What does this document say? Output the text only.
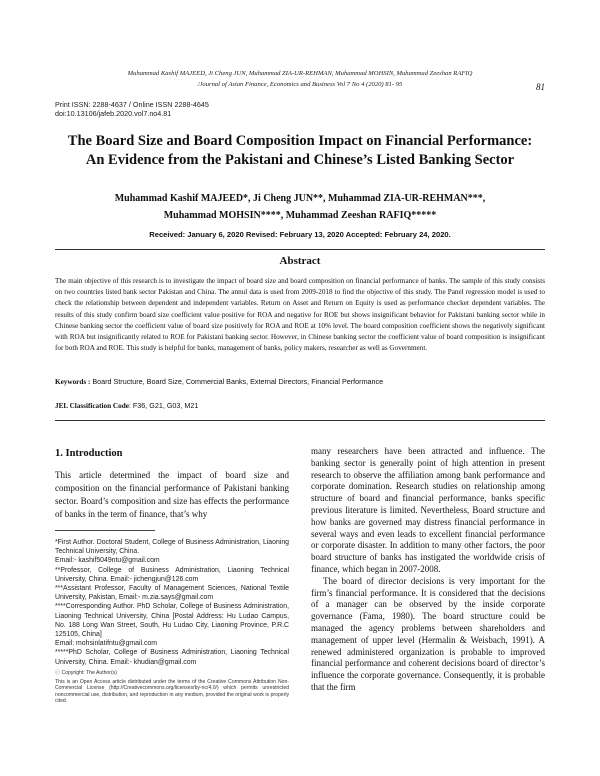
Muhammad Kashif MAJEED, Ji Cheng JUN, Muhammad ZIA-UR-REHMAN, Muhammad MOHSIN, Muhammad Zeeshan RAFIQ
/Journal of Asian Finance, Economics and Business Vol 7 No 4 (2020) 81- 95	81
Print ISSN: 2288-4637 / Online ISSN 2288-4645
doi:10.13106/jafeb.2020.vol7.no4.81
The Board Size and Board Composition Impact on Financial Performance:
An Evidence from the Pakistani and Chinese’s Listed Banking Sector
Muhammad Kashif MAJEED*, Ji Cheng JUN**, Muhammad ZIA-UR-REHMAN***,
Muhammad MOHSIN****, Muhammad Zeeshan RAFIQ*****
Received: January 6, 2020 Revised: February 13, 2020 Accepted: February 24, 2020.
Abstract
The main objective of this research is to investigate the impact of board size and board composition on financial performance of banks. The sample of this study consists on two countries listed bank sector Pakistan and China. The annul data is used from 2009-2018 to find the objective of this study. The Panel regression model is used to check the relationship between dependent and independent variables. Return on Asset and Return on Equity is used as performance checker dependent variables. The results of this study confirm board size coefficient value positive for ROA and negative for ROE but shows insignificant behavior for Pakistani banking sector while in Chinese banking sector the coefficient value of board size positively for ROA and ROE at 10% level. The board composition coefficient shows the negatively significant with ROA but insignificantly related to ROE for Pakistani banking sector. However, in Chinese banking sector the coefficient value of board composition is insignificant for both ROA and ROE. This study is helpful for banks, management of banks, policy makers, researcher as well as Government.
Keywords : Board Structure, Board Size, Commercial Banks, External Directors, Financial Performance
JEL Classification Code: F36, G21, G03, M21
1. Introduction
This article determined the impact of board size and composition on the financial performance of Pakistani banking sector. Board’s composition and size has effects the performance of banks in the term of finance, that’s why
*First Author. Doctoral Student, College of Business Administration, Liaoning Technical University, China.
Email:- kashif5049ntu@gmail.com
**Professor, College of Business Administration, Liaoning Technical University, China. Email:- jichengjun@126.com
***Assistant Professor, Faculty of Management Sciences, National Textile University, Pakistan, Email:- m.zia.says@gmail.com
****Corresponding Author. PhD Scholar, College of Business Administration, Liaoning Technical University, China [Postal Address: Hu Ludao Campus, No. 188 Long Wan Street, South, Hu Ludao City, Liaoning Province, P.R.C 125105, China]
Email: mohsinlatifntu@gmail.com
*****PhD Scholar, College of Business Administration, Liaoning Technical University, China. Email:- khudian@gmail.com
ⓒ Copyright: The Author(s)
This is an Open Access article distributed under the terms of the Creative Commons Attribution Non-Commercial License (http://Creativecommons.org/licenses/by-nc/4.0/) which permits unrestricted noncommercial use, distribution, and reproduction in any medium, provided the original work is properly cited.

many researchers have been attracted and influence. The banking sector is generally point of high attention in present research to observe the affiliation among bank performance and corporate domination. Research studies on relationship among structure of board and financial performance, banks specific previous literature is limited. Nevertheless, Board structure and how banks are governed may distress financial performance in several ways and even leads to excellent financial performance or corporate disaster. In addition to many other factors, the poor board structure of banks has instigated the worldwide crisis of finance, which began in 2007-2008.

The board of director decisions is very important for the firm’s financial performance. It is considered that the decisions of a manager can be observed by the inside corporate governance (Fama, 1980). The board structure could be managed the agency problems between shareholders and management of upper level (Hermalin & Weisbach, 1991). A renewed administered organization is probable to improved financial performance and coherent decisions board of director’s influence the corporate governance. Consequently, it is probable that the firm
